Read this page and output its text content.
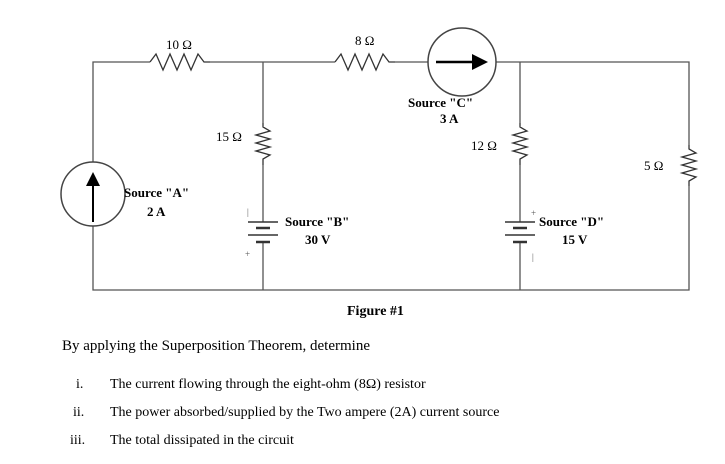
|
+
+
|
10 Ω	8 Ω
15 Ω
12 Ω
5 Ω
Source "A"
2 A
Source "B"
30 V
Source "C"
3 A
Source "D"
15 V
Figure #1

By applying the Superposition Theorem, determine

i. The current flowing through the eight-ohm (8Ω) resistor
ii. The power absorbed/supplied by the Two ampere (2A) current source
iii. The total dissipated in the circuit
